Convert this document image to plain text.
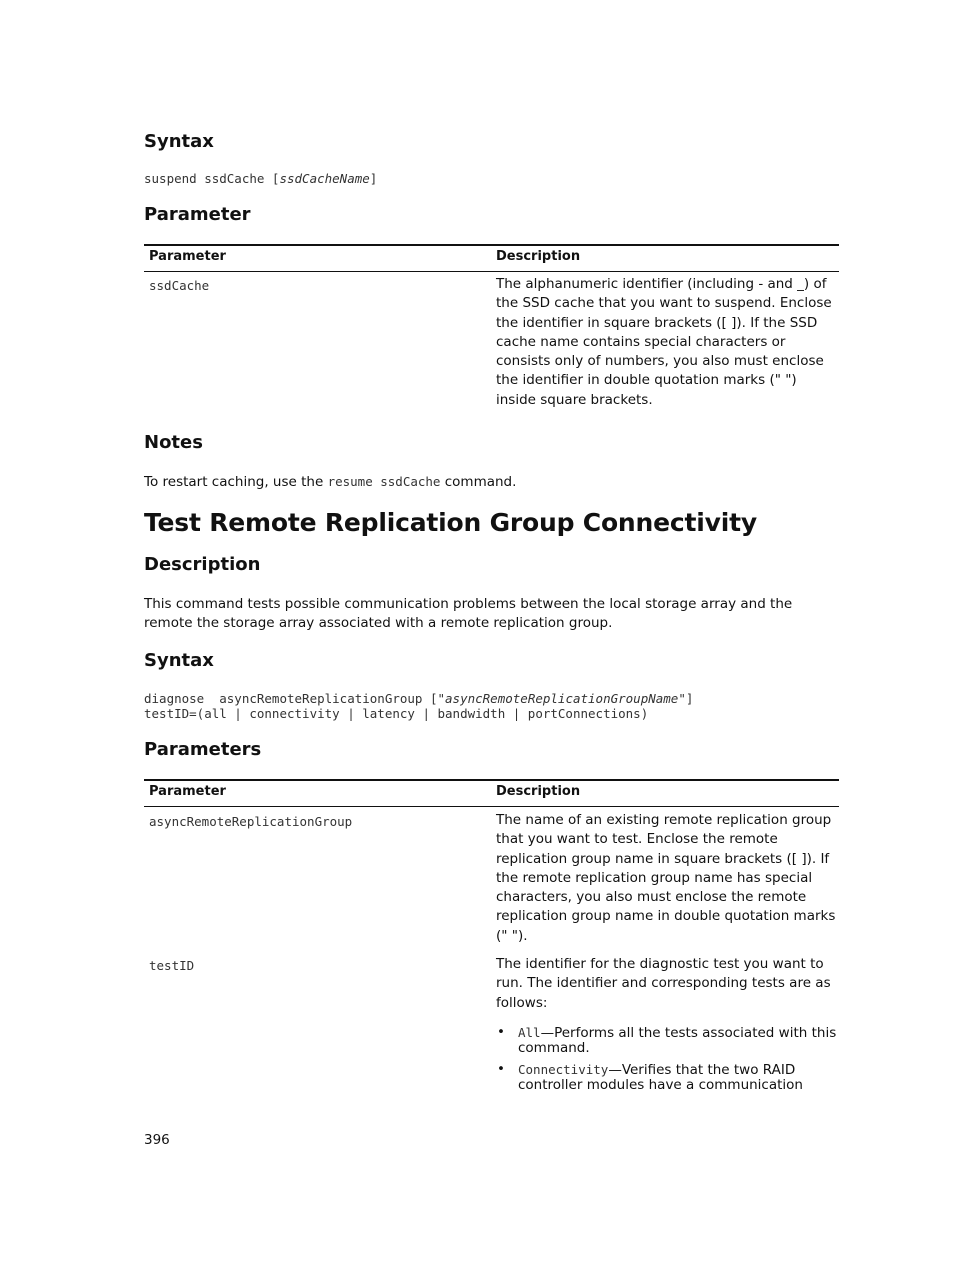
Syntax
suspend ssdCache [ssdCacheName]
Parameter
Parameter	Description
ssdCache	The alphanumeric identifier (including - and _) of the SSD cache that you want to suspend. Enclose the identifier in square brackets ([ ]). If the SSD cache name contains special characters or consists only of numbers, you also must enclose the identifier in double quotation marks (" ") inside square brackets.
Notes
To restart caching, use the resume ssdCache command.
Test Remote Replication Group Connectivity
Description
This command tests possible communication problems between the local storage array and the remote the storage array associated with a remote replication group.
Syntax
diagnose  asyncRemoteReplicationGroup ["asyncRemoteReplicationGroupName"]
testID=(all | connectivity | latency | bandwidth | portConnections)
Parameters
Parameter	Description
asyncRemoteReplicationGroup	The name of an existing remote replication group that you want to test. Enclose the remote replication group name in square brackets ([ ]). If the remote replication group name has special characters, you also must enclose the remote replication group name in double quotation marks (" ").
testID	The identifier for the diagnostic test you want to run. The identifier and corresponding tests are as follows:
• All—Performs all the tests associated with this command.
• Connectivity—Verifies that the two RAID controller modules have a communication
396
